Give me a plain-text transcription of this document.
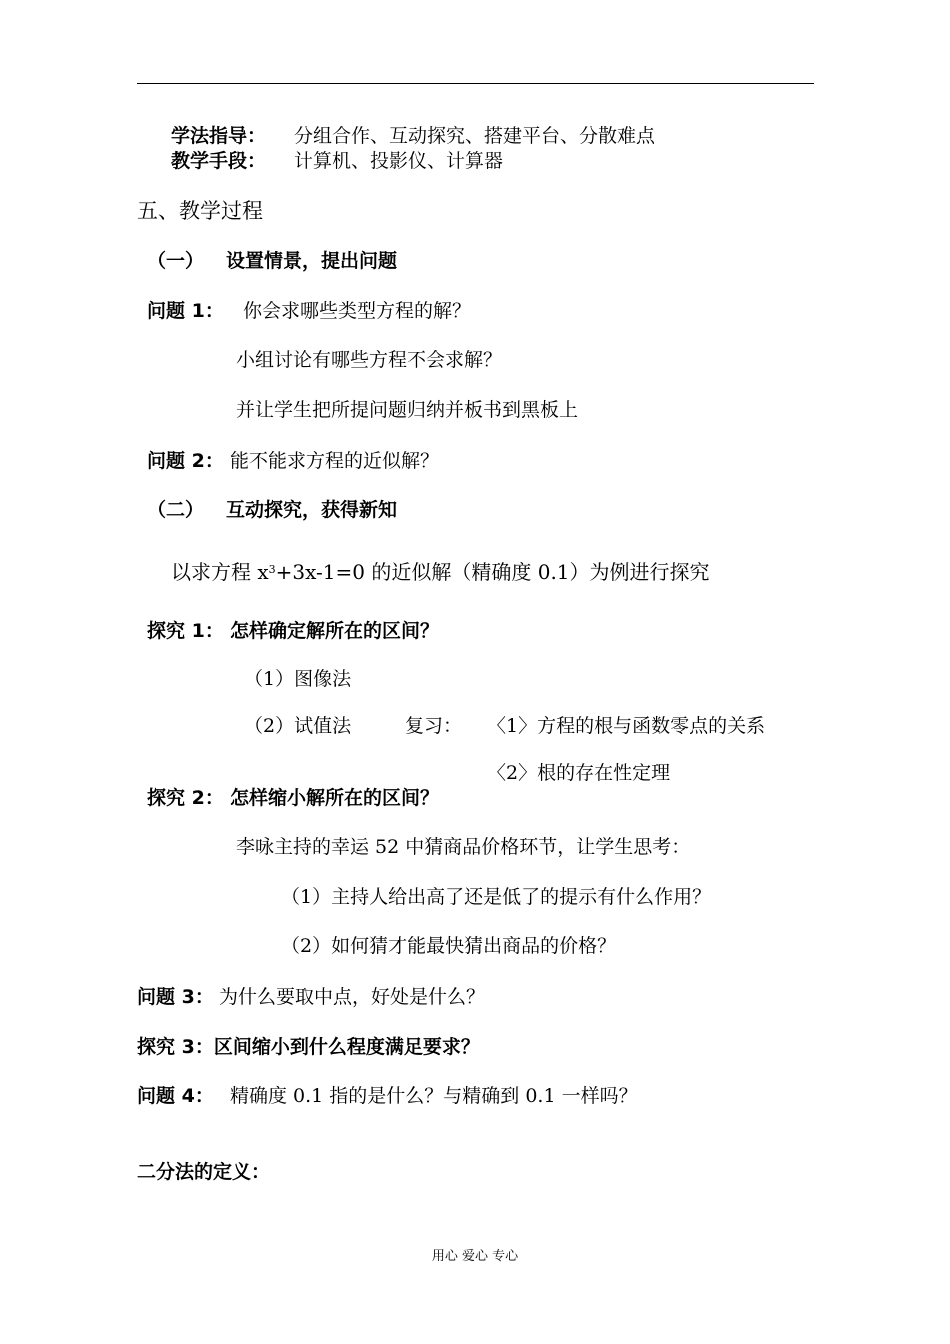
学法指导： 分组合作、互动探究、搭建平台、分散难点
教学手段： 计算机、投影仪、计算器
五、教学过程
（一） 设置情景，提出问题
问题 1： 你会求哪些类型方程的解？
小组讨论有哪些方程不会求解？
并让学生把所提问题归纳并板书到黑板上
问题 2： 能不能求方程的近似解？
（二） 互动探究，获得新知
以求方程 $x^3+3x-1=0$ 的近似解（精确度 0.1）为例进行探究
探究 1： 怎样确定解所在的区间？
（1）图像法
（2）试值法	复习： 〈1〉方程的根与函数零点的关系
〈2〉根的存在性定理
探究 2： 怎样缩小解所在的区间？
李咏主持的幸运 52 中猜商品价格环节，让学生思考：
（1）主持人给出高了还是低了的提示有什么作用？
（2）如何猜才能最快猜出商品的价格？
问题 3： 为什么要取中点，好处是什么？
探究 3：区间缩小到什么程度满足要求？
问题 4： 精确度 0.1 指的是什么？与精确到 0.1 一样吗？
二分法的定义：
用心 爱心 专心
